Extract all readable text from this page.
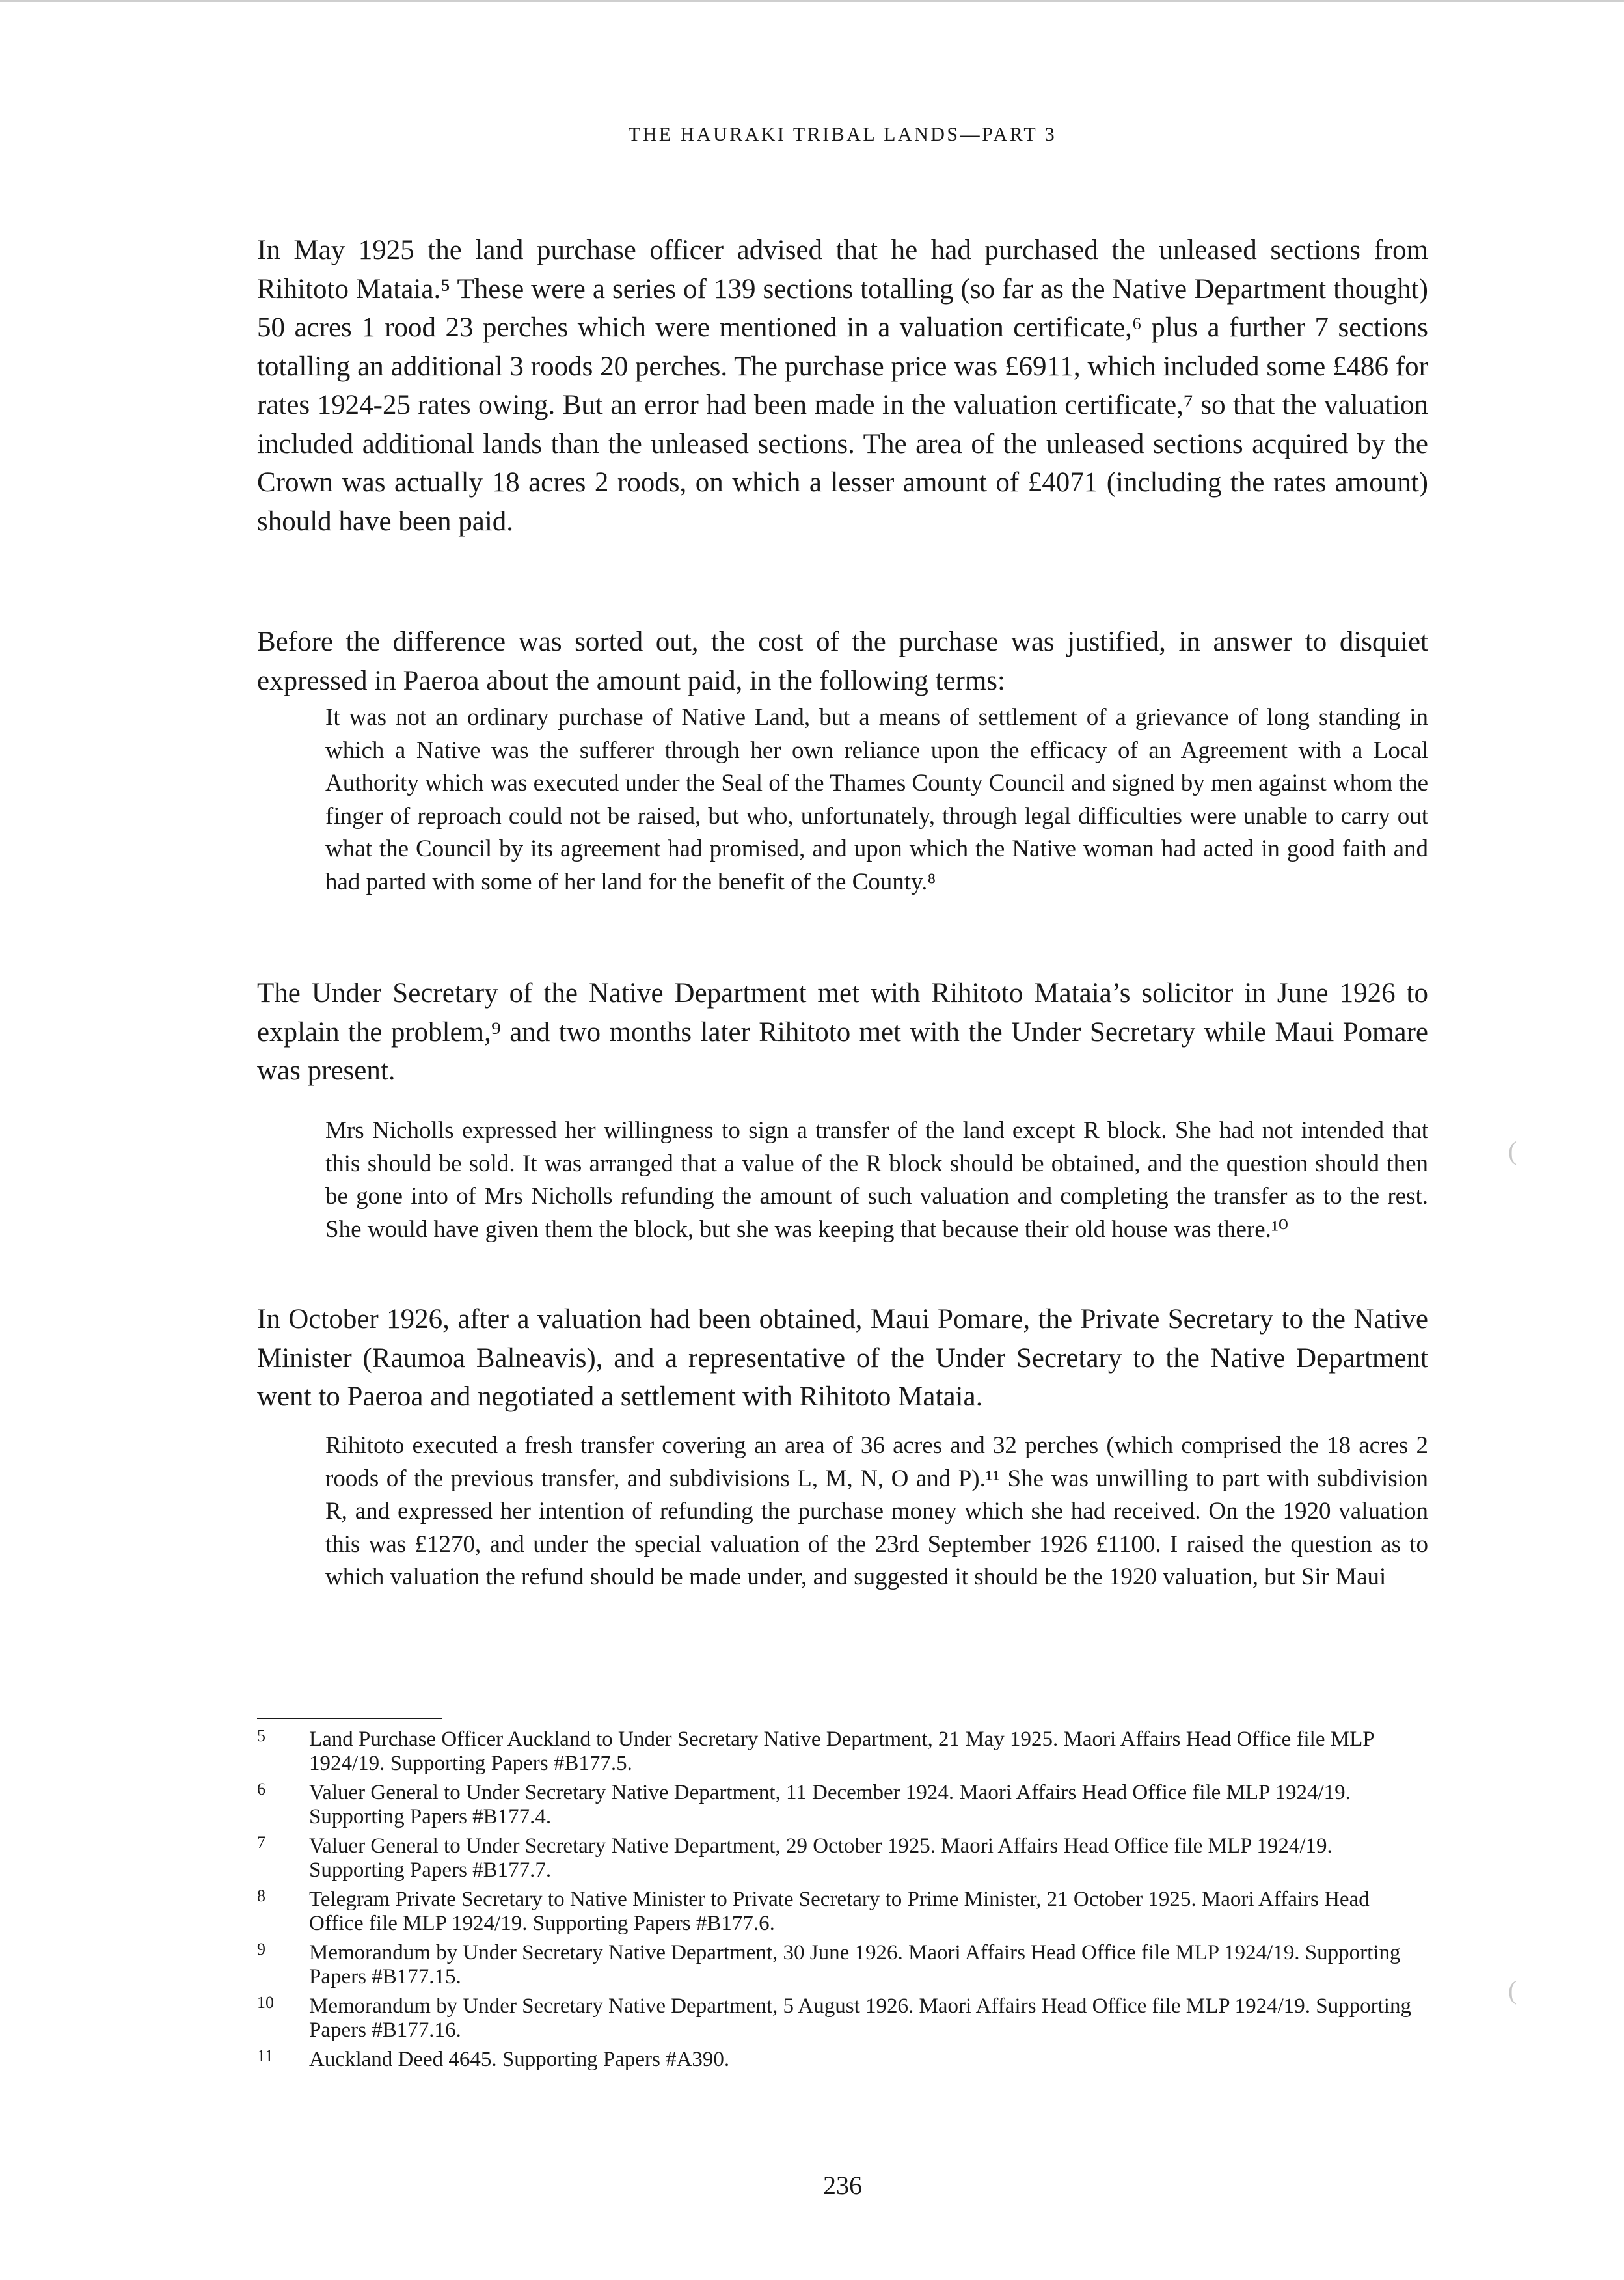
THE HAURAKI TRIBAL LANDS—PART 3

In May 1925 the land purchase officer advised that he had purchased the unleased sections from Rihitoto Mataia.⁵ These were a series of 139 sections totalling (so far as the Native Department thought) 50 acres 1 rood 23 perches which were mentioned in a valuation certificate,⁶ plus a further 7 sections totalling an additional 3 roods 20 perches. The purchase price was £6911, which included some £486 for rates 1924-25 rates owing. But an error had been made in the valuation certificate,⁷ so that the valuation included additional lands than the unleased sections. The area of the unleased sections acquired by the Crown was actually 18 acres 2 roods, on which a lesser amount of £4071 (including the rates amount) should have been paid.

Before the difference was sorted out, the cost of the purchase was justified, in answer to disquiet expressed in Paeroa about the amount paid, in the following terms:

It was not an ordinary purchase of Native Land, but a means of settlement of a grievance of long standing in which a Native was the sufferer through her own reliance upon the efficacy of an Agreement with a Local Authority which was executed under the Seal of the Thames County Council and signed by men against whom the finger of reproach could not be raised, but who, unfortunately, through legal difficulties were unable to carry out what the Council by its agreement had promised, and upon which the Native woman had acted in good faith and had parted with some of her land for the benefit of the County.⁸

The Under Secretary of the Native Department met with Rihitoto Mataia’s solicitor in June 1926 to explain the problem,⁹ and two months later Rihitoto met with the Under Secretary while Maui Pomare was present.

Mrs Nicholls expressed her willingness to sign a transfer of the land except R block. She had not intended that this should be sold. It was arranged that a value of the R block should be obtained, and the question should then be gone into of Mrs Nicholls refunding the amount of such valuation and completing the transfer as to the rest. She would have given them the block, but she was keeping that because their old house was there.¹⁰

In October 1926, after a valuation had been obtained, Maui Pomare, the Private Secretary to the Native Minister (Raumoa Balneavis), and a representative of the Under Secretary to the Native Department went to Paeroa and negotiated a settlement with Rihitoto Mataia.

Rihitoto executed a fresh transfer covering an area of 36 acres and 32 perches (which comprised the 18 acres 2 roods of the previous transfer, and subdivisions L, M, N, O and P).¹¹ She was unwilling to part with subdivision R, and expressed her intention of refunding the purchase money which she had received. On the 1920 valuation this was £1270, and under the special valuation of the 23rd September 1926 £1100. I raised the question as to which valuation the refund should be made under, and suggested it should be the 1920 valuation, but Sir Maui

5 Land Purchase Officer Auckland to Under Secretary Native Department, 21 May 1925. Maori Affairs Head Office file MLP 1924/19. Supporting Papers #B177.5.
6 Valuer General to Under Secretary Native Department, 11 December 1924. Maori Affairs Head Office file MLP 1924/19. Supporting Papers #B177.4.
7 Valuer General to Under Secretary Native Department, 29 October 1925. Maori Affairs Head Office file MLP 1924/19. Supporting Papers #B177.7.
8 Telegram Private Secretary to Native Minister to Private Secretary to Prime Minister, 21 October 1925. Maori Affairs Head Office file MLP 1924/19. Supporting Papers #B177.6.
9 Memorandum by Under Secretary Native Department, 30 June 1926. Maori Affairs Head Office file MLP 1924/19. Supporting Papers #B177.15.
10 Memorandum by Under Secretary Native Department, 5 August 1926. Maori Affairs Head Office file MLP 1924/19. Supporting Papers #B177.16.
11 Auckland Deed 4645. Supporting Papers #A390.
236
(
(
